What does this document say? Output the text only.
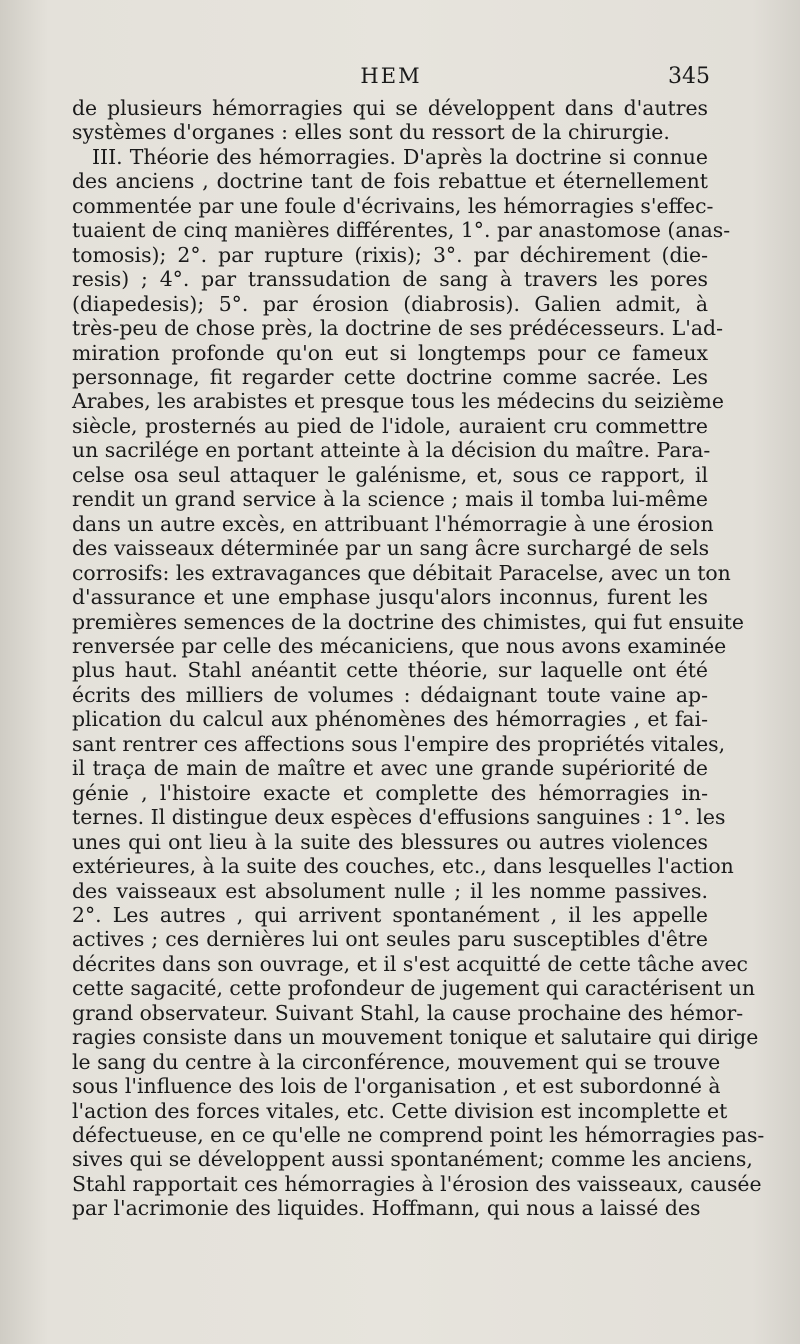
HEM	345
de plusieurs hémorragies qui se développent dans d'autres
systèmes d'organes : elles sont du ressort de la chirurgie.
III. Théorie des hémorragies. D'après la doctrine si connue
des anciens , doctrine tant de fois rebattue et éternellement
commentée par une foule d'écrivains, les hémorragies s'effec-
tuaient de cinq manières différentes, 1°. par anastomose (anas-
tomosis); 2°. par rupture (rixis); 3°. par déchirement (die-
resis) ; 4°. par transsudation de sang à travers les pores
(diapedesis); 5°. par érosion (diabrosis). Galien admit, à
très-peu de chose près, la doctrine de ses prédécesseurs. L'ad-
miration profonde qu'on eut si longtemps pour ce fameux
personnage, fit regarder cette doctrine comme sacrée. Les
Arabes, les arabistes et presque tous les médecins du seizième
siècle, prosternés au pied de l'idole, auraient cru commettre
un sacrilége en portant atteinte à la décision du maître. Para-
celse osa seul attaquer le galénisme, et, sous ce rapport, il
rendit un grand service à la science ; mais il tomba lui-même
dans un autre excès, en attribuant l'hémorragie à une érosion
des vaisseaux déterminée par un sang âcre surchargé de sels
corrosifs: les extravagances que débitait Paracelse, avec un ton
d'assurance et une emphase jusqu'alors inconnus, furent les
premières semences de la doctrine des chimistes, qui fut ensuite
renversée par celle des mécaniciens, que nous avons examinée
plus haut. Stahl anéantit cette théorie, sur laquelle ont été
écrits des milliers de volumes : dédaignant toute vaine ap-
plication du calcul aux phénomènes des hémorragies , et fai-
sant rentrer ces affections sous l'empire des propriétés vitales,
il traça de main de maître et avec une grande supériorité de
génie , l'histoire exacte et complette des hémorragies in-
ternes. Il distingue deux espèces d'effusions sanguines : 1°. les
unes qui ont lieu à la suite des blessures ou autres violences
extérieures, à la suite des couches, etc., dans lesquelles l'action
des vaisseaux est absolument nulle ; il les nomme passives.
2°. Les autres , qui arrivent spontanément , il les appelle
actives ; ces dernières lui ont seules paru susceptibles d'être
décrites dans son ouvrage, et il s'est acquitté de cette tâche avec
cette sagacité, cette profondeur de jugement qui caractérisent un
grand observateur. Suivant Stahl, la cause prochaine des hémor-
ragies consiste dans un mouvement tonique et salutaire qui dirige
le sang du centre à la circonférence, mouvement qui se trouve
sous l'influence des lois de l'organisation , et est subordonné à
l'action des forces vitales, etc. Cette division est incomplette et
défectueuse, en ce qu'elle ne comprend point les hémorragies pas-
sives qui se développent aussi spontanément; comme les anciens,
Stahl rapportait ces hémorragies à l'érosion des vaisseaux, causée
par l'acrimonie des liquides. Hoffmann, qui nous a laissé des
